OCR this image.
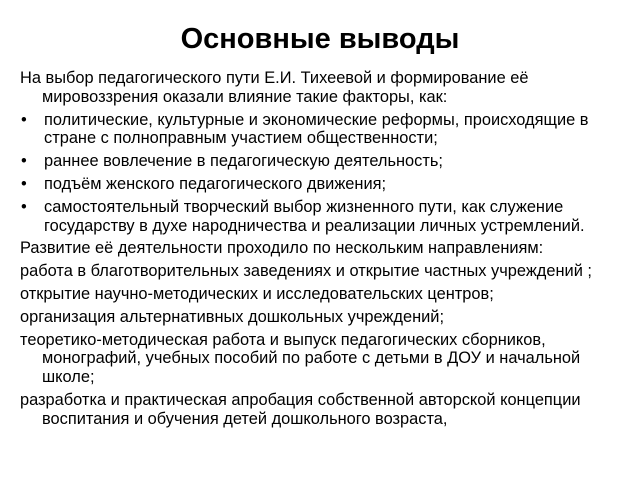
Основные выводы

На выбор педагогического пути Е.И. Тихеевой и формирование её мировоззрения оказали влияние такие факторы, как:

• политические, культурные и экономические реформы, происходящие в стране с полноправным участием общественности;
• раннее вовлечение в педагогическую деятельность;
• подъём женского педагогического движения;
• самостоятельный творческий выбор жизненного пути, как служение государству в духе народничества и реализации личных устремлений.

Развитие её деятельности проходило по нескольким направлениям:

работа в благотворительных заведениях и открытие частных учреждений ;

открытие научно-методических и исследовательских центров;

организация альтернативных дошкольных учреждений;

теоретико-методическая работа и выпуск педагогических сборников, монографий, учебных пособий по работе с детьми в ДОУ и начальной школе;

разработка и практическая апробация собственной авторской концепции воспитания и обучения детей дошкольного возраста,
